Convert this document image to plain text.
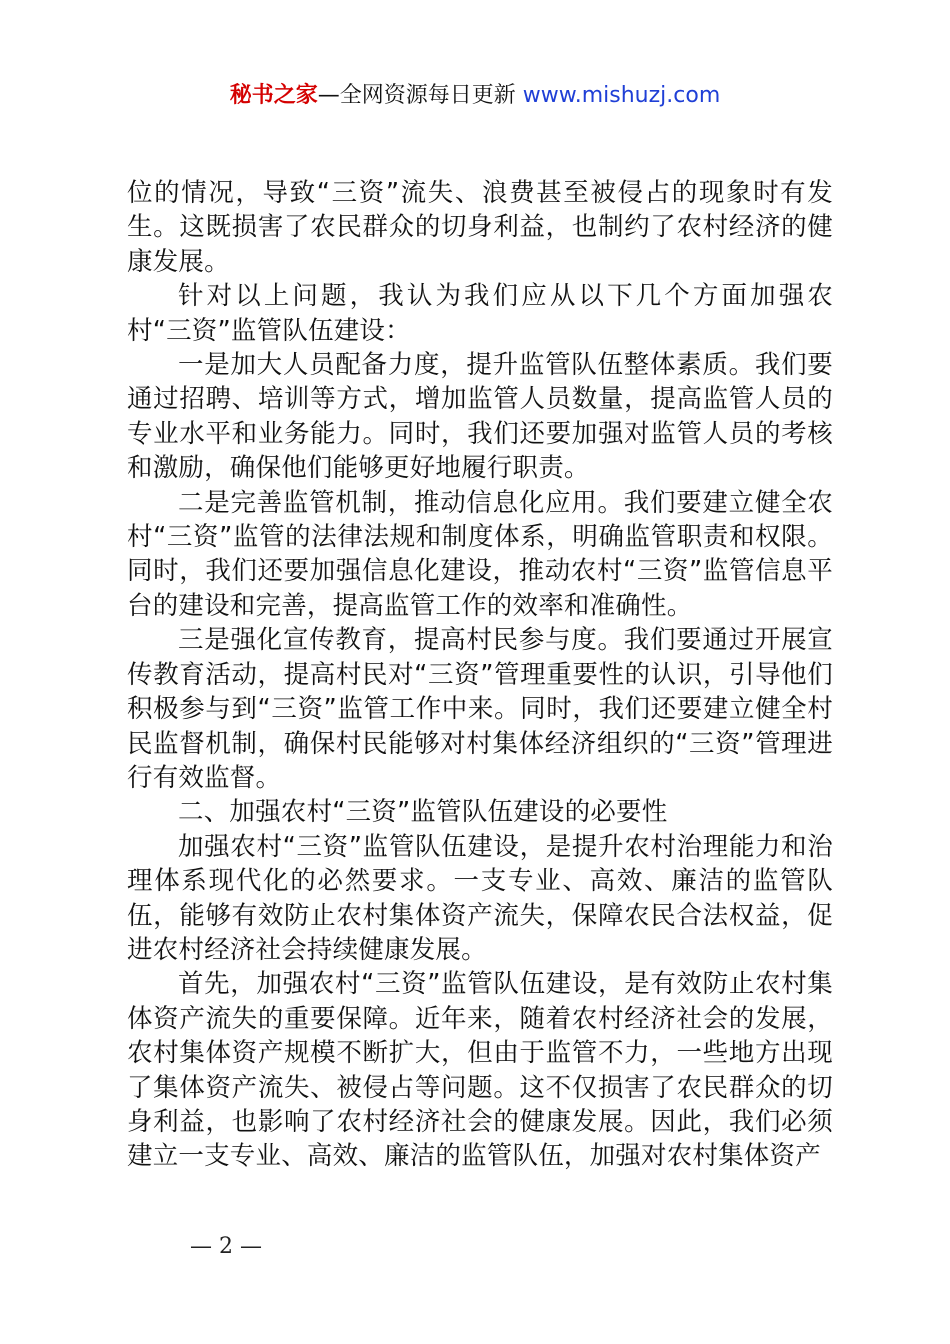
秘书之家—全网资源每日更新 www.mishuzj.com

位的情况，导致“三资”流失、浪费甚至被侵占的现象时有发生。这既损害了农民群众的切身利益，也制约了农村经济的健康发展。

针对以上问题，我认为我们应从以下几个方面加强农村“三资”监管队伍建设：

一是加大人员配备力度，提升监管队伍整体素质。我们要通过招聘、培训等方式，增加监管人员数量，提高监管人员的专业水平和业务能力。同时，我们还要加强对监管人员的考核和激励，确保他们能够更好地履行职责。

二是完善监管机制，推动信息化应用。我们要建立健全农村“三资”监管的法律法规和制度体系，明确监管职责和权限。同时，我们还要加强信息化建设，推动农村“三资”监管信息平台的建设和完善，提高监管工作的效率和准确性。

三是强化宣传教育，提高村民参与度。我们要通过开展宣传教育活动，提高村民对“三资”管理重要性的认识，引导他们积极参与到“三资”监管工作中来。同时，我们还要建立健全村民监督机制，确保村民能够对村集体经济组织的“三资”管理进行有效监督。

二、加强农村“三资”监管队伍建设的必要性

加强农村“三资”监管队伍建设，是提升农村治理能力和治理体系现代化的必然要求。一支专业、高效、廉洁的监管队伍，能够有效防止农村集体资产流失，保障农民合法权益，促进农村经济社会持续健康发展。

首先，加强农村“三资”监管队伍建设，是有效防止农村集体资产流失的重要保障。近年来，随着农村经济社会的发展，农村集体资产规模不断扩大，但由于监管不力，一些地方出现了集体资产流失、被侵占等问题。这不仅损害了农民群众的切身利益，也影响了农村经济社会的健康发展。因此，我们必须建立一支专业、高效、廉洁的监管队伍，加强对农村集体资产

— 2 —
